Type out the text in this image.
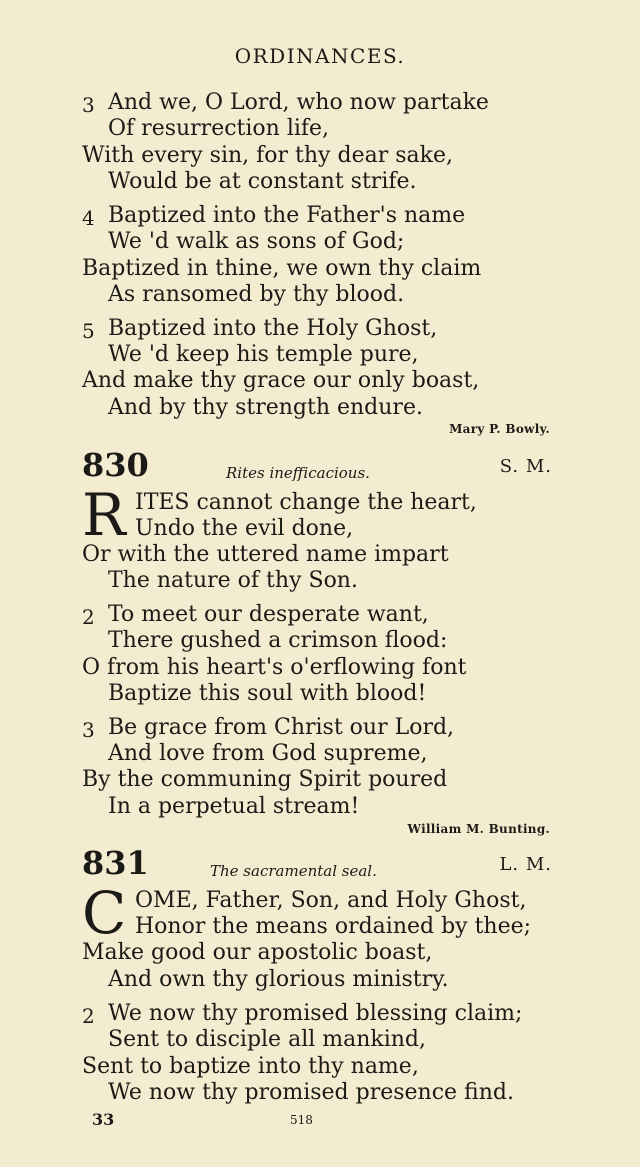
ORDINANCES.
3 And we, O Lord, who now partake
Of resurrection life,
With every sin, for thy dear sake,
Would be at constant strife.
4 Baptized into the Father's name
We 'd walk as sons of God;
Baptized in thine, we own thy claim
As ransomed by thy blood.
5 Baptized into the Holy Ghost,
We 'd keep his temple pure,
And make thy grace our only boast,
And by thy strength endure.
Mary P. Bowly.
830	Rites inefficacious.	S. M.
R ITES cannot change the heart,
Undo the evil done,
Or with the uttered name impart
The nature of thy Son.
2 To meet our desperate want,
There gushed a crimson flood:
O from his heart's o'erflowing font
Baptize this soul with blood!
3 Be grace from Christ our Lord,
And love from God supreme,
By the communing Spirit poured
In a perpetual stream!
William M. Bunting.
831	The sacramental seal.	L. M.
C OME, Father, Son, and Holy Ghost,
Honor the means ordained by thee;
Make good our apostolic boast,
And own thy glorious ministry.
2 We now thy promised blessing claim;
Sent to disciple all mankind,
Sent to baptize into thy name,
We now thy promised presence find.
33	518
